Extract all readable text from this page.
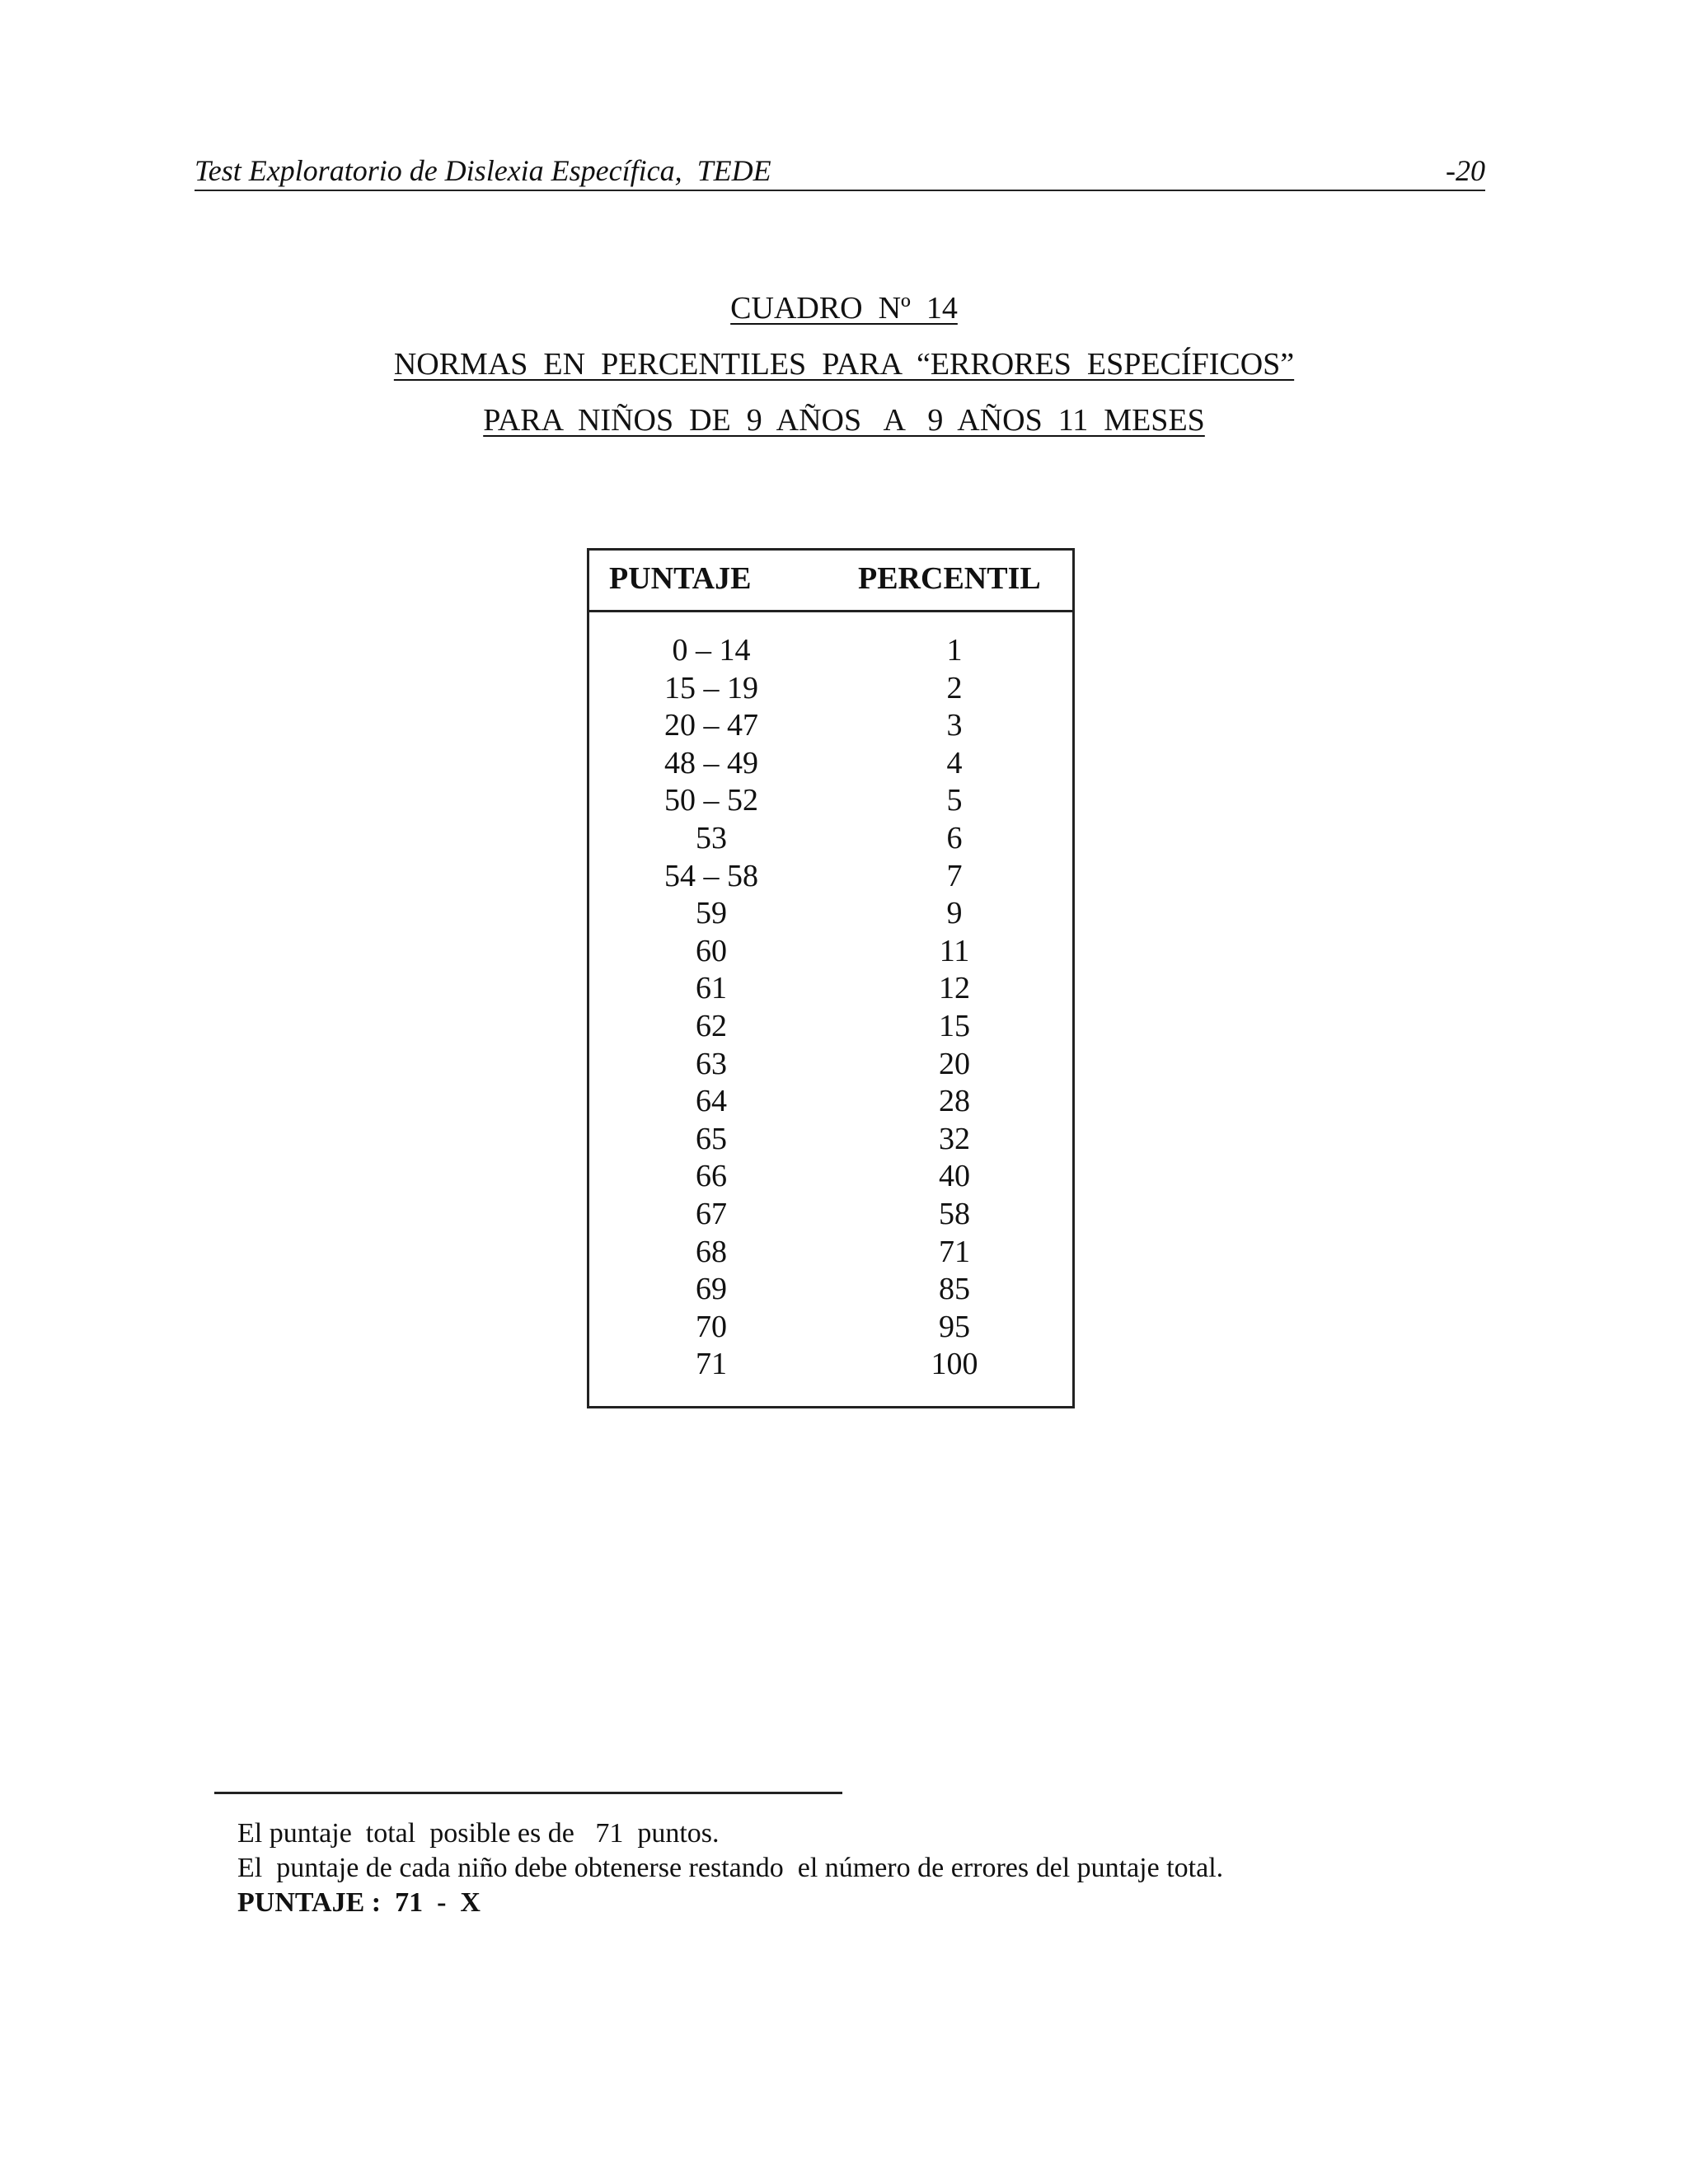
Test Exploratorio de Dislexia Específica,  TEDE	-20
CUADRO  Nº  14
NORMAS  EN  PERCENTILES  PARA  “ERRORES  ESPECÍFICOS”
PARA  NIÑOS  DE  9  AÑOS   A   9  AÑOS  11  MESES
PUNTAJE	PERCENTIL
0 – 14	1
15 – 19	2
20 – 47	3
48 – 49	4
50 – 52	5
53	6
54 – 58	7
59	9
60	11
61	12
62	15
63	20
64	28
65	32
66	40
67	58
68	71
69	85
70	95
71	100
El puntaje  total  posible es de   71  puntos.
El  puntaje de cada niño debe obtenerse restando  el número de errores del puntaje total.
PUNTAJE :  71  -  X
